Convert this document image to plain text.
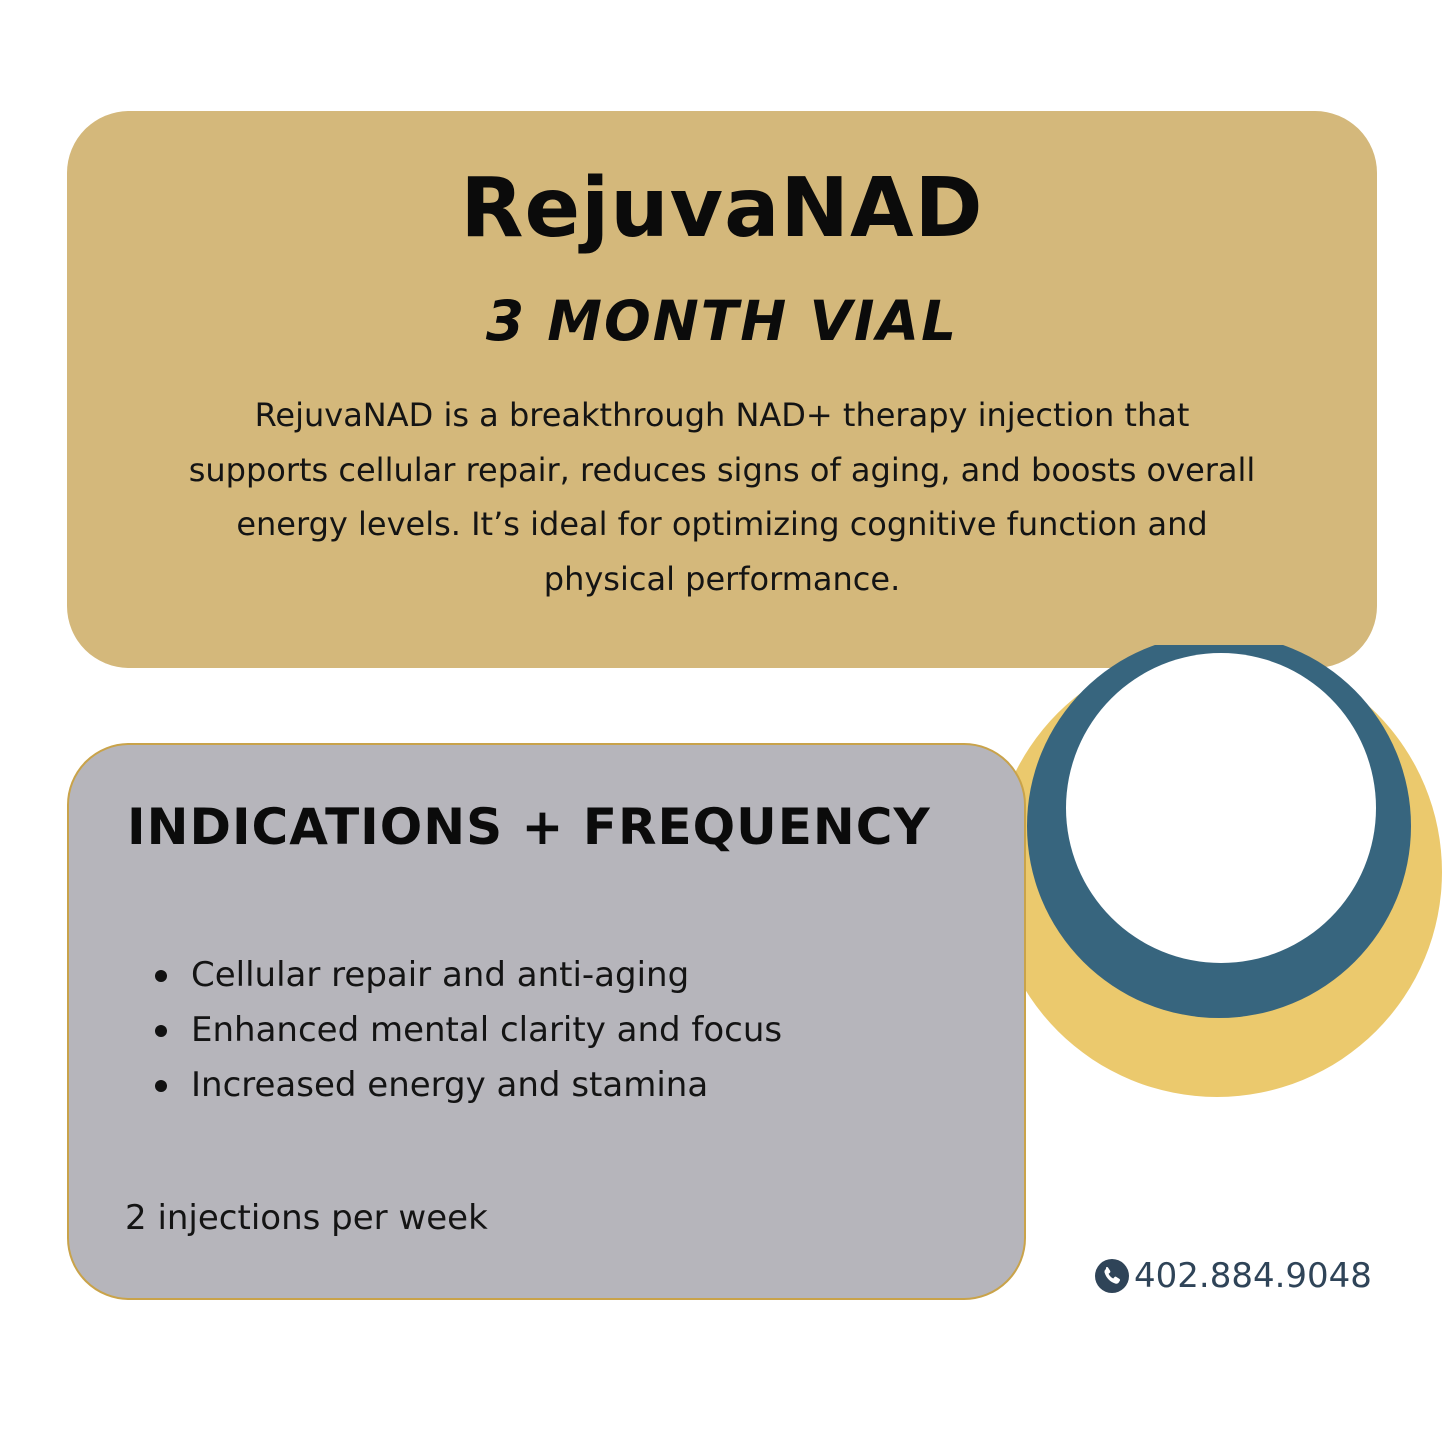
RejuvaNAD
3 MONTH VIAL
RejuvaNAD is a breakthrough NAD+ therapy injection that supports cellular repair, reduces signs of aging, and boosts overall energy levels. It’s ideal for optimizing cognitive function and physical performance.
INDICATIONS + FREQUENCY
Cellular repair and anti-aging
Enhanced mental clarity and focus
Increased energy and stamina
2 injections per week
402.884.9048
